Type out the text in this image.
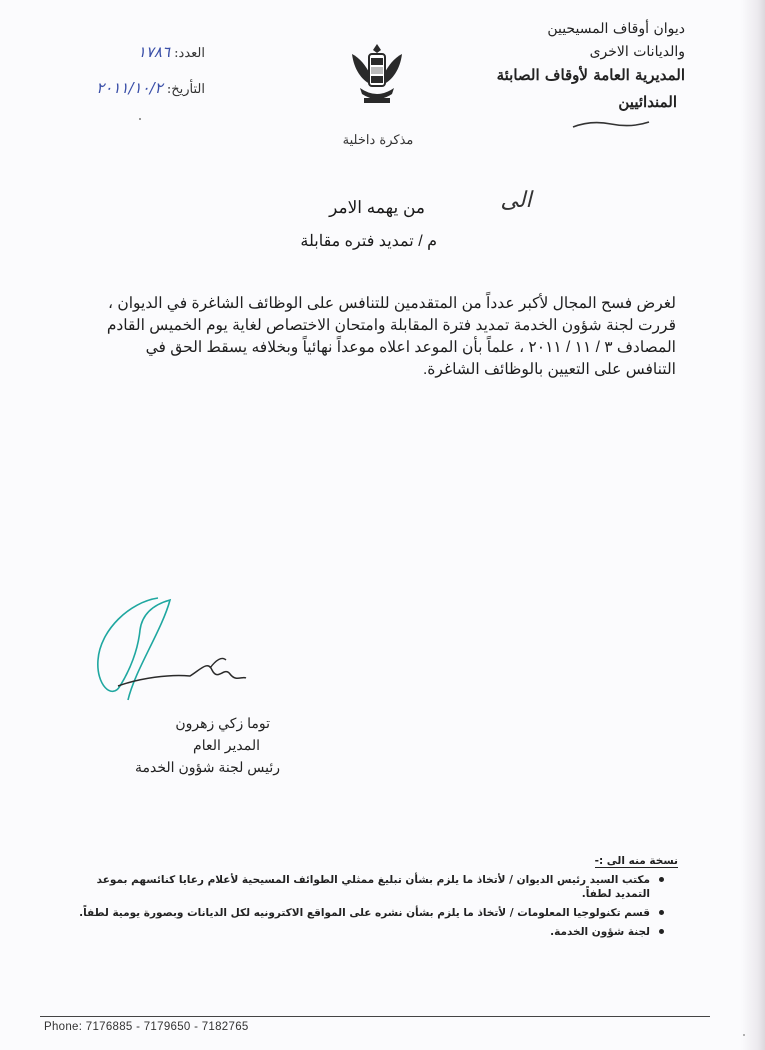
ديوان أوقاف المسيحيين
والديانات الاخرى
المديرية العامة لأوقاف الصابئة
المندائيين
مذكرة داخلية
العدد: ١٧٨٦
التأريخ: ٢٠١١/١٠/٢
الى
من يهمه الامر
م / تمديد فتره مقابلة
لغرض فسح المجال لأكبر عدداً من المتقدمين للتنافس على الوظائف الشاغرة في الديوان ،
قررت لجنة شؤون الخدمة تمديد فترة المقابلة وامتحان الاختصاص لغاية يوم الخميس القادم
المصادف ٣ / ١١ / ٢٠١١ ، علماً بأن الموعد اعلاه موعداً نهائياً وبخلافه يسقط الحق في
التنافس على التعيين بالوظائف الشاغرة.
توما زكي زهرون
المدير العام
رئيس لجنة شؤون الخدمة
نسخة منه الى :-
مكتب السيد رئيس الديوان / لأتخاذ ما يلزم بشأن تبليغ ممثلي الطوائف المسيحية لأعلام رعايا كنائسهم بموعد التمديد لطفاً.
قسم تكنولوجيا المعلومات / لأتخاذ ما يلزم بشأن نشره على المواقع الاكترونيه لكل الديانات وبصورة يومية لطفاً.
لجنة شؤون الخدمة.
Phone: 7176885 - 7179650 - 7182765
